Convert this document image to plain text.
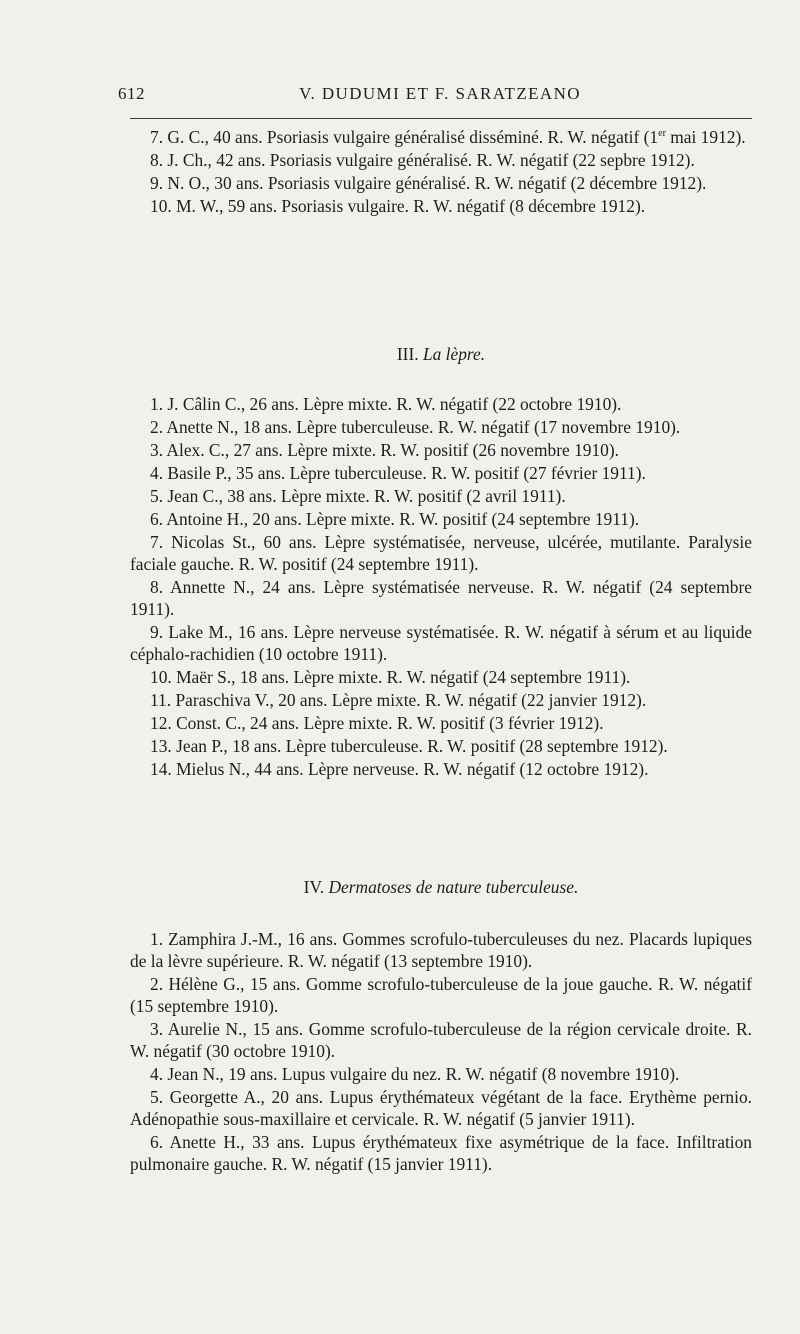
612	V. DUDUMI ET F. SARATZEANO

7. G. C., 40 ans. Psoriasis vulgaire généralisé disséminé. R. W. négatif (1er mai 1912).

8. J. Ch., 42 ans. Psoriasis vulgaire généralisé. R. W. négatif (22 sepbre 1912).

9. N. O., 30 ans. Psoriasis vulgaire généralisé. R. W. négatif (2 décembre 1912).

10. M. W., 59 ans. Psoriasis vulgaire. R. W. négatif (8 décembre 1912).

III. La lèpre.

1. J. Câlin C., 26 ans. Lèpre mixte. R. W. négatif (22 octobre 1910).

2. Anette N., 18 ans. Lèpre tuberculeuse. R. W. négatif (17 novembre 1910).

3. Alex. C., 27 ans. Lèpre mixte. R. W. positif (26 novembre 1910).

4. Basile P., 35 ans. Lèpre tuberculeuse. R. W. positif (27 février 1911).

5. Jean C., 38 ans. Lèpre mixte. R. W. positif (2 avril 1911).

6. Antoine H., 20 ans. Lèpre mixte. R. W. positif (24 septembre 1911).

7. Nicolas St., 60 ans. Lèpre systématisée, nerveuse, ulcérée, mutilante. Paralysie faciale gauche. R. W. positif (24 septembre 1911).

8. Annette N., 24 ans. Lèpre systématisée nerveuse. R. W. négatif (24 septembre 1911).

9. Lake M., 16 ans. Lèpre nerveuse systématisée. R. W. négatif à sérum et au liquide céphalo-rachidien (10 octobre 1911).

10. Maër S., 18 ans. Lèpre mixte. R. W. négatif (24 septembre 1911).

11. Paraschiva V., 20 ans. Lèpre mixte. R. W. négatif (22 janvier 1912).

12. Const. C., 24 ans. Lèpre mixte. R. W. positif (3 février 1912).

13. Jean P., 18 ans. Lèpre tuberculeuse. R. W. positif (28 septembre 1912).

14. Mielus N., 44 ans. Lèpre nerveuse. R. W. négatif (12 octobre 1912).

IV. Dermatoses de nature tuberculeuse.

1. Zamphira J.-M., 16 ans. Gommes scrofulo-tuberculeuses du nez. Placards lupiques de la lèvre supérieure. R. W. négatif (13 septembre 1910).

2. Hélène G., 15 ans. Gomme scrofulo-tuberculeuse de la joue gauche. R. W. négatif (15 septembre 1910).

3. Aurelie N., 15 ans. Gomme scrofulo-tuberculeuse de la région cervicale droite. R. W. négatif (30 octobre 1910).

4. Jean N., 19 ans. Lupus vulgaire du nez. R. W. négatif (8 novembre 1910).

5. Georgette A., 20 ans. Lupus érythémateux végétant de la face. Erythème pernio. Adénopathie sous-maxillaire et cervicale. R. W. négatif (5 janvier 1911).

6. Anette H., 33 ans. Lupus érythémateux fixe asymétrique de la face. Infiltration pulmonaire gauche. R. W. négatif (15 janvier 1911).
